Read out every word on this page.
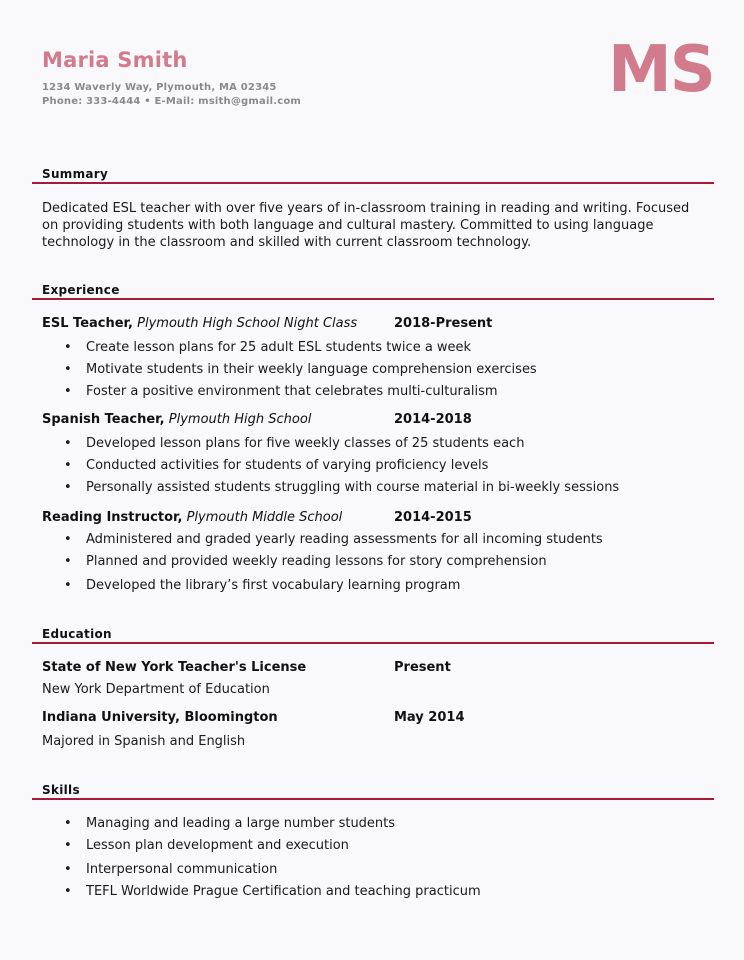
Maria Smith
1234 Waverly Way, Plymouth, MA 02345
Phone: 333-4444 • E-Mail: msith@gmail.com	MS
Summary
Dedicated ESL teacher with over five years of in-classroom training in reading and writing. Focused
on providing students with both language and cultural mastery. Committed to using language
technology in the classroom and skilled with current classroom technology.
Experience
ESL Teacher, Plymouth High School Night Class	2018-Present
• Create lesson plans for 25 adult ESL students twice a week
• Motivate students in their weekly language comprehension exercises
• Foster a positive environment that celebrates multi-culturalism
Spanish Teacher, Plymouth High School	2014-2018
• Developed lesson plans for five weekly classes of 25 students each
• Conducted activities for students of varying proficiency levels
• Personally assisted students struggling with course material in bi-weekly sessions
Reading Instructor, Plymouth Middle School	2014-2015
• Administered and graded yearly reading assessments for all incoming students
• Planned and provided weekly reading lessons for story comprehension
• Developed the library’s first vocabulary learning program
Education
State of New York Teacher's License	Present
New York Department of Education
Indiana University, Bloomington	May 2014
Majored in Spanish and English
Skills
• Managing and leading a large number students
• Lesson plan development and execution
• Interpersonal communication
• TEFL Worldwide Prague Certification and teaching practicum
